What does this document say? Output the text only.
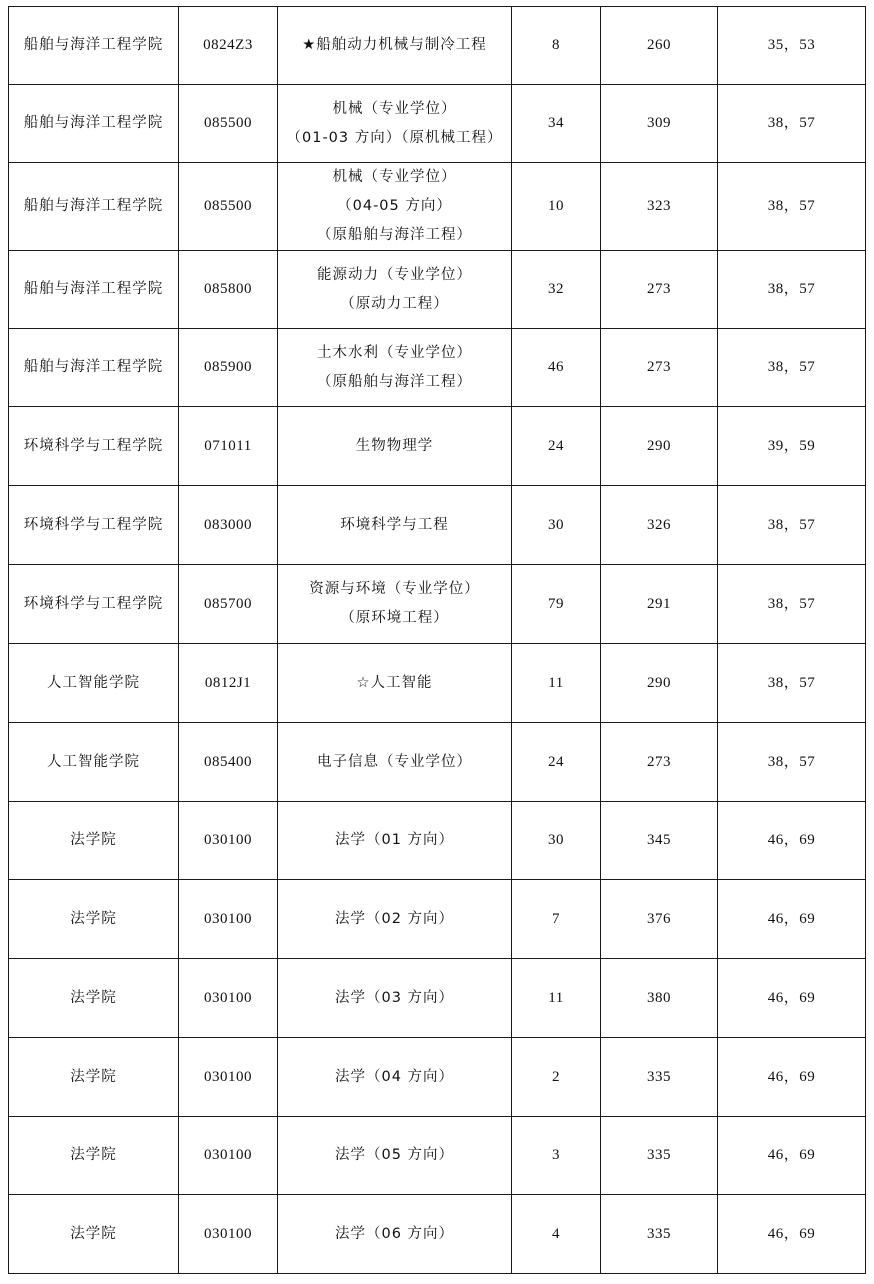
船舶与海洋工程学院	0824Z3	★船舶动力机械与制冷工程	8	260	35，53
船舶与海洋工程学院	085500	机械（专业学位）
（01-03 方向）（原机械工程）	34	309	38，57
船舶与海洋工程学院	085500	机械（专业学位）
（04-05 方向）
（原船舶与海洋工程）	10	323	38，57
船舶与海洋工程学院	085800	能源动力（专业学位）
（原动力工程）	32	273	38，57
船舶与海洋工程学院	085900	土木水利（专业学位）
（原船舶与海洋工程）	46	273	38，57
环境科学与工程学院	071011	生物物理学	24	290	39，59
环境科学与工程学院	083000	环境科学与工程	30	326	38，57
环境科学与工程学院	085700	资源与环境（专业学位）
（原环境工程）	79	291	38，57
人工智能学院	0812J1	☆人工智能	11	290	38，57
人工智能学院	085400	电子信息（专业学位）	24	273	38，57
法学院	030100	法学（01 方向）	30	345	46，69
法学院	030100	法学（02 方向）	7	376	46，69
法学院	030100	法学（03 方向）	11	380	46，69
法学院	030100	法学（04 方向）	2	335	46，69
法学院	030100	法学（05 方向）	3	335	46，69
法学院	030100	法学（06 方向）	4	335	46，69
